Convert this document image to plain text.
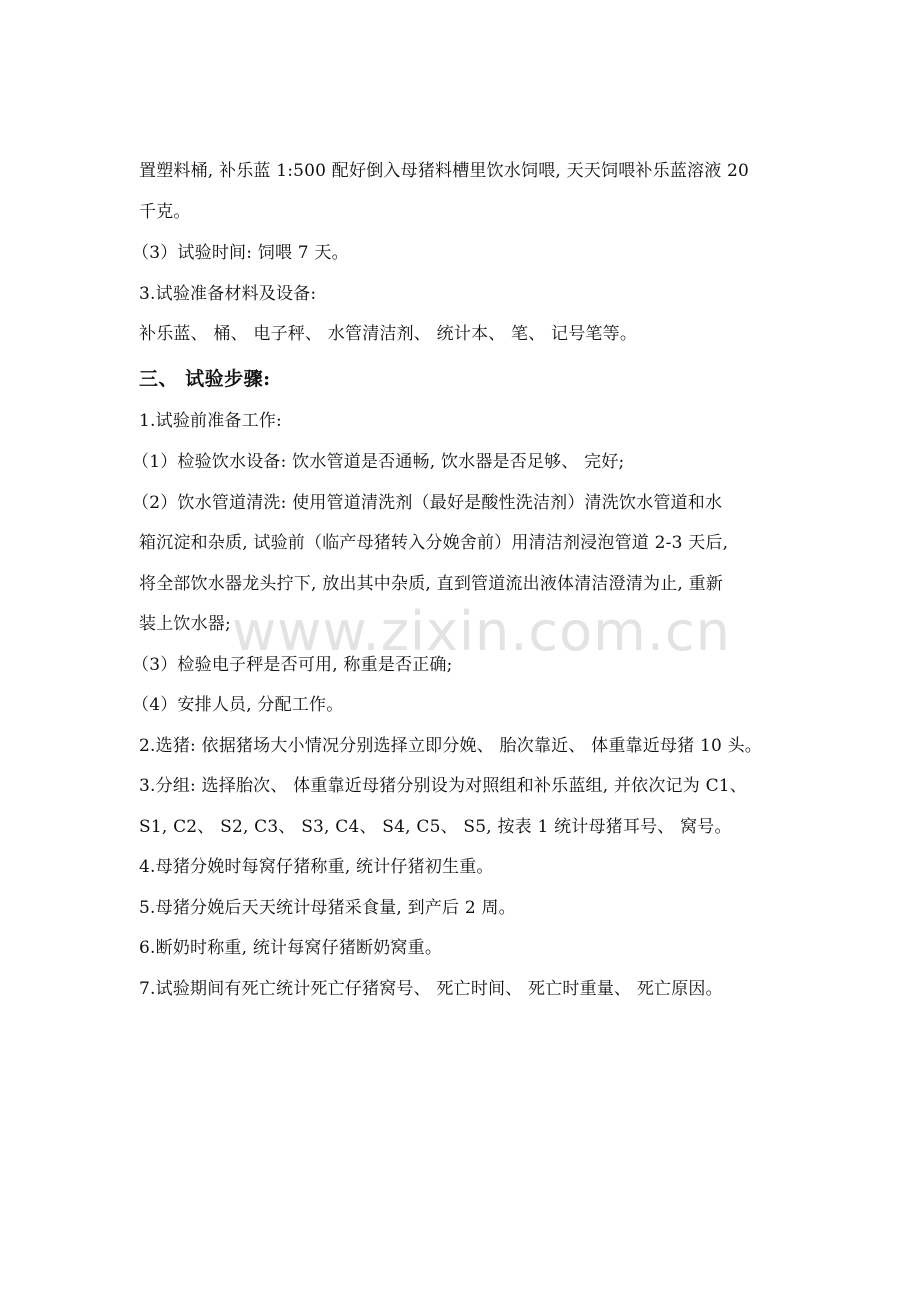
置塑料桶, 补乐蓝 1:500 配好倒入母猪料槽里饮水饲喂, 天天饲喂补乐蓝溶液 20
千克。
（3）试验时间: 饲喂 7 天。
3.试验准备材料及设备:
补乐蓝、 桶、 电子秤、 水管清洁剂、 统计本、 笔、 记号笔等。
三、 试验步骤:
1.试验前准备工作:
（1）检验饮水设备: 饮水管道是否通畅, 饮水器是否足够、 完好;
（2）饮水管道清洗: 使用管道清洗剂（最好是酸性洗洁剂）清洗饮水管道和水
箱沉淀和杂质, 试验前（临产母猪转入分娩舍前）用清洁剂浸泡管道 2-3 天后,
将全部饮水器龙头拧下, 放出其中杂质, 直到管道流出液体清洁澄清为止, 重新
装上饮水器;
（3）检验电子秤是否可用, 称重是否正确;
（4）安排人员, 分配工作。
2.选猪: 依据猪场大小情况分别选择立即分娩、 胎次靠近、 体重靠近母猪 10 头。
3.分组: 选择胎次、 体重靠近母猪分别设为对照组和补乐蓝组, 并依次记为 C1、
S1, C2、 S2, C3、 S3, C4、 S4, C5、 S5, 按表 1 统计母猪耳号、 窝号。
4.母猪分娩时每窝仔猪称重, 统计仔猪初生重。
5.母猪分娩后天天统计母猪采食量, 到产后 2 周。
6.断奶时称重, 统计每窝仔猪断奶窝重。
7.试验期间有死亡统计死亡仔猪窝号、 死亡时间、 死亡时重量、 死亡原因。
www.zixin.com.cn
